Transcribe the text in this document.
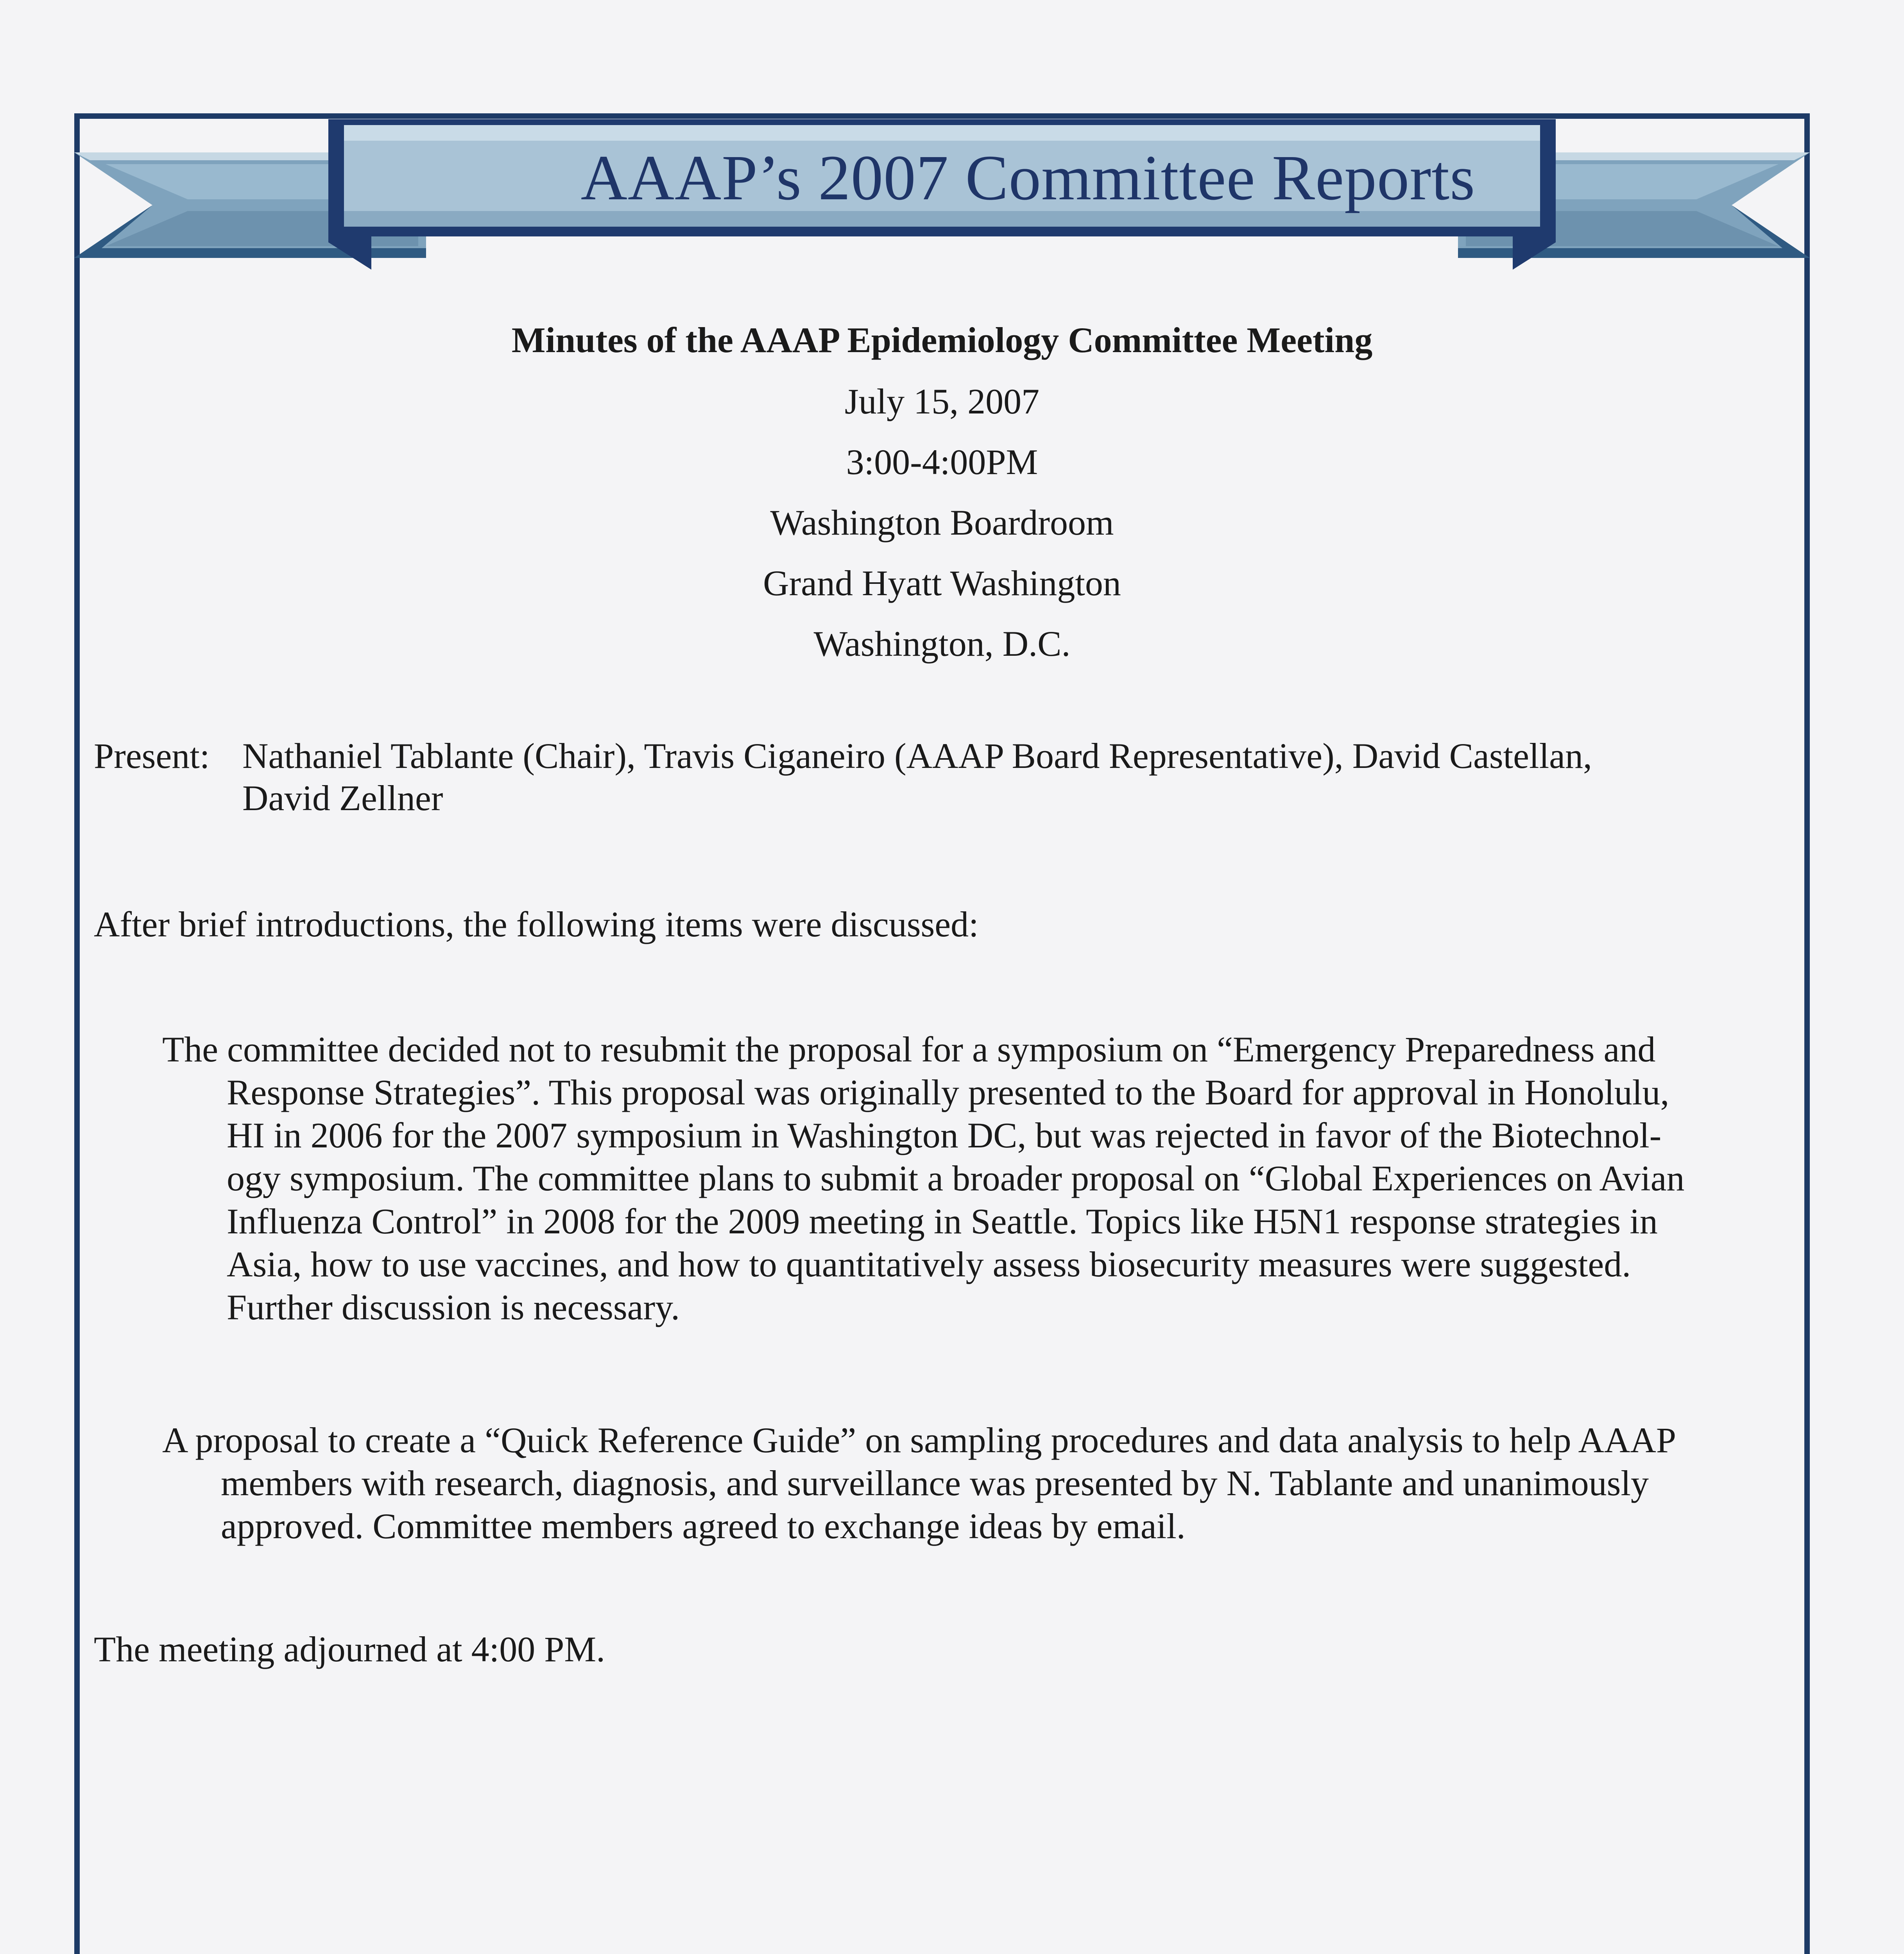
AAAP’s 2007 Committee Reports
Minutes of the AAAP Epidemiology Committee Meeting
July 15, 2007
3:00-4:00PM
Washington Boardroom
Grand Hyatt Washington
Washington, D.C.
Present: Nathaniel Tablante (Chair), Travis Ciganeiro (AAAP Board Representative), David Castellan,
David Zellner
After brief introductions, the following items were discussed:
The committee decided not to resubmit the proposal for a symposium on “Emergency Preparedness and
Response Strategies”. This proposal was originally presented to the Board for approval in Honolulu,
HI in 2006 for the 2007 symposium in Washington DC, but was rejected in favor of the Biotechnol-
ogy symposium. The committee plans to submit a broader proposal on “Global Experiences on Avian
Influenza Control” in 2008 for the 2009 meeting in Seattle. Topics like H5N1 response strategies in
Asia, how to use vaccines, and how to quantitatively assess biosecurity measures were suggested.
Further discussion is necessary.
A proposal to create a “Quick Reference Guide” on sampling procedures and data analysis to help AAAP
members with research, diagnosis, and surveillance was presented by N. Tablante and unanimously
approved. Committee members agreed to exchange ideas by email.
The meeting adjourned at 4:00 PM.
